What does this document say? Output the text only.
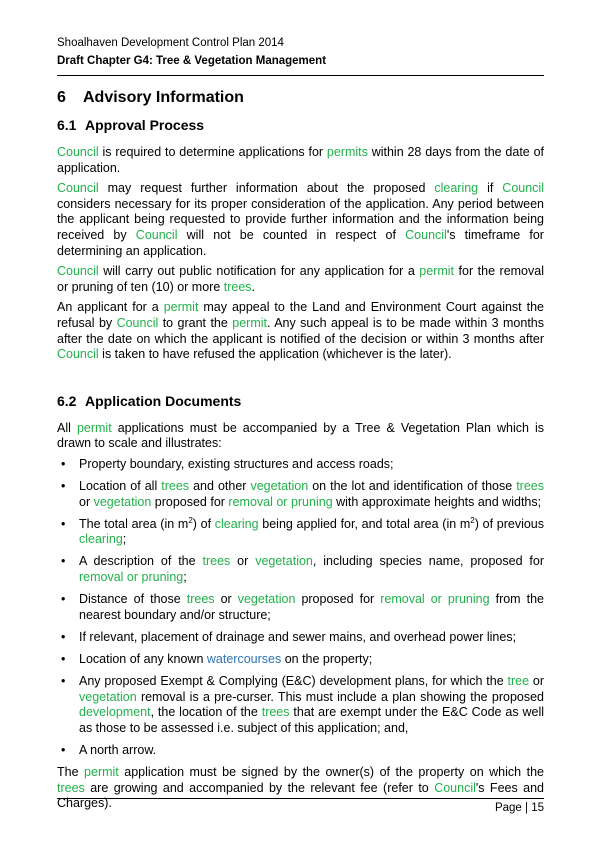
Shoalhaven Development Control Plan 2014
Draft Chapter G4: Tree & Vegetation Management
6 Advisory Information
6.1 Approval Process

Council is required to determine applications for permits within 28 days from the date of application.

Council may request further information about the proposed clearing if Council considers necessary for its proper consideration of the application. Any period between the applicant being requested to provide further information and the information being received by Council will not be counted in respect of Council's timeframe for determining an application.

Council will carry out public notification for any application for a permit for the removal or pruning of ten (10) or more trees.

An applicant for a permit may appeal to the Land and Environment Court against the refusal by Council to grant the permit. Any such appeal is to be made within 3 months after the date on which the applicant is notified of the decision or within 3 months after Council is taken to have refused the application (whichever is the later).

6.2 Application Documents

All permit applications must be accompanied by a Tree & Vegetation Plan which is drawn to scale and illustrates:

• Property boundary, existing structures and access roads;
• Location of all trees and other vegetation on the lot and identification of those trees or vegetation proposed for removal or pruning with approximate heights and widths;
• The total area (in $m^2$) of clearing being applied for, and total area (in $m^2$) of previous clearing;
• A description of the trees or vegetation, including species name, proposed for removal or pruning;
• Distance of those trees or vegetation proposed for removal or pruning from the nearest boundary and/or structure;
• If relevant, placement of drainage and sewer mains, and overhead power lines;
• Location of any known watercourses on the property;
• Any proposed Exempt & Complying (E&C) development plans, for which the tree or vegetation removal is a pre-curser. This must include a plan showing the proposed development, the location of the trees that are exempt under the E&C Code as well as those to be assessed i.e. subject of this application; and,
• A north arrow.

The permit application must be signed by the owner(s) of the property on which the trees are growing and accompanied by the relevant fee (refer to Council's Fees and Charges).	Page | 15
